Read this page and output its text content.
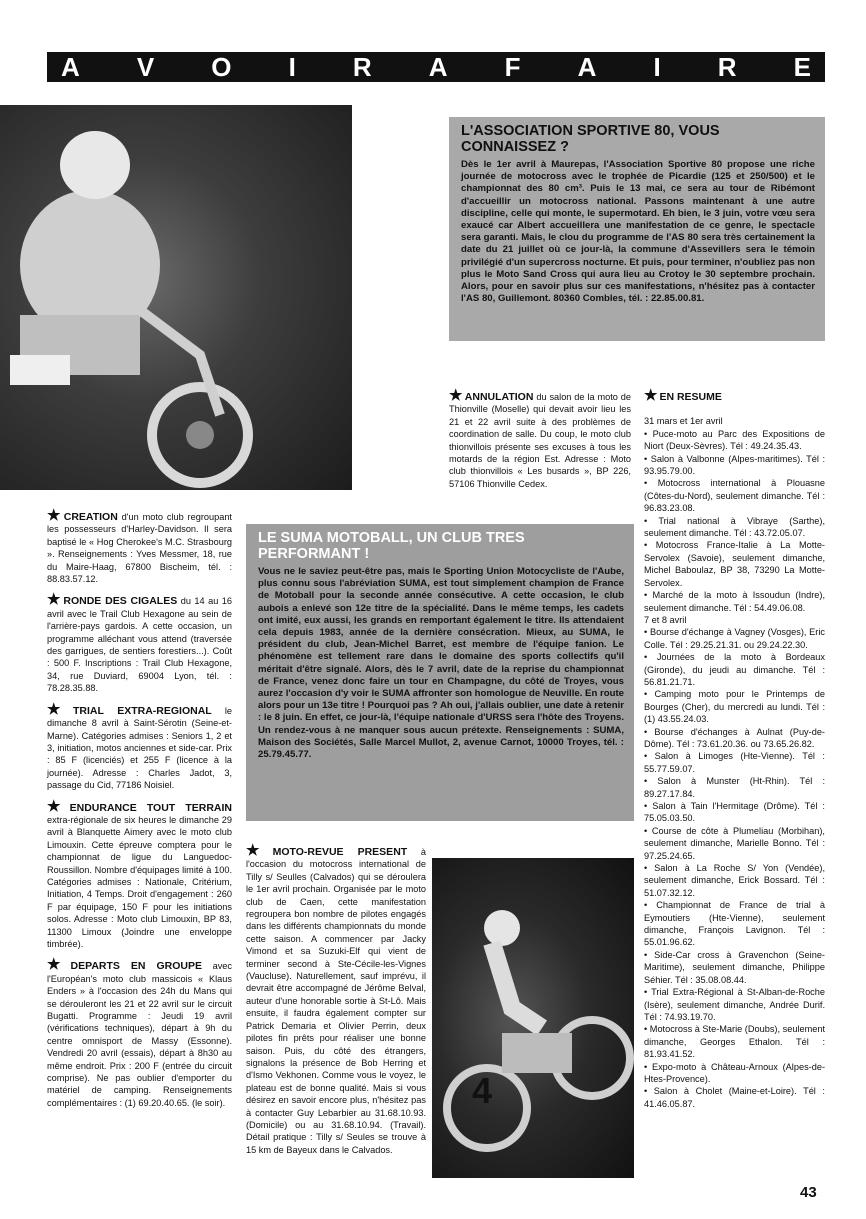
A V O I R A F A I R E
L'ASSOCIATION SPORTIVE 80, VOUS CONNAISSEZ ?

Dès le 1er avril à Maurepas, l'Association Sportive 80 propose une riche journée de motocross avec le trophée de Picardie (125 et 250/500) et le championnat des 80 cm³. Puis le 13 mai, ce sera au tour de Ribémont d'accueillir un motocross national. Passons maintenant à une autre discipline, celle qui monte, le supermotard. Eh bien, le 3 juin, votre vœu sera exaucé car Albert accueillera une manifestation de ce genre, le spectacle sera garanti. Mais, le clou du programme de l'AS 80 sera très certainement la date du 21 juillet où ce jour-là, la commune d'Assevillers sera le témoin privilégié d'un supercross nocturne. Et puis, pour terminer, n'oubliez pas non plus le Moto Sand Cross qui aura lieu au Crotoy le 30 septembre prochain. Alors, pour en savoir plus sur ces manifestations, n'hésitez pas à contacter l'AS 80, Guillemont. 80360 Combles, tél. : 22.85.00.81.

★ CREATION d'un moto club regroupant les possesseurs d'Harley-Davidson. Il sera baptisé le « Hog Cherokee's M.C. Strasbourg ». Renseignements : Yves Messmer, 18, rue du Maire-Haag, 67800 Bischeim, tél. : 88.83.57.12.

★ RONDE DES CIGALES du 14 au 16 avril avec le Trail Club Hexagone au sein de l'arrière-pays gardois. A cette occasion, un programme alléchant vous attend (traversée des garrigues, de sentiers forestiers...). Coût : 500 F. Inscriptions : Trail Club Hexagone, 34, rue Duviard, 69004 Lyon, tél. : 78.28.35.88.

★ TRIAL EXTRA-REGIONAL le dimanche 8 avril à Saint-Sérotin (Seine-et-Marne). Catégories admises : Seniors 1, 2 et 3, initiation, motos anciennes et side-car. Prix : 85 F (licenciés) et 255 F (licence à la journée). Adresse : Charles Jadot, 3, passage du Cid, 77186 Noisiel.

★ ENDURANCE TOUT TERRAIN extra-régionale de six heures le dimanche 29 avril à Blanquette Aimery avec le moto club Limouxin. Cette épreuve comptera pour le championnat de ligue du Languedoc-Roussillon. Nombre d'équipages limité à 100. Catégories admises : Nationale, Critérium, Initiation, 4 Temps. Droit d'engagement : 260 F par équipage, 150 F pour les initiations solos. Adresse : Moto club Limouxin, BP 83, 11300 Limoux (Joindre une enveloppe timbrée).

★ DEPARTS EN GROUPE avec l'Européan's moto club massicois « Klaus Enders » à l'occasion des 24h du Mans qui se dérouleront les 21 et 22 avril sur le circuit Bugatti. Programme : Jeudi 19 avril (vérifications techniques), départ à 9h du centre omnisport de Massy (Essonne). Vendredi 20 avril (essais), départ à 8h30 au même endroit. Prix : 200 F (entrée du circuit comprise). Ne pas oublier d'emporter du matériel de camping. Renseignements complémentaires : (1) 69.20.40.65. (le soir).

★ ANNULATION du salon de la moto de Thionville (Moselle) qui devait avoir lieu les 21 et 22 avril suite à des problèmes de coordination de salle. Du coup, le moto club thionvillois présente ses excuses à tous les motards de la région Est. Adresse : Moto club thionvillois « Les busards », BP 226, 57106 Thionville Cedex.

LE SUMA MOTOBALL, UN CLUB TRES PERFORMANT !

Vous ne le saviez peut-être pas, mais le Sporting Union Motocycliste de l'Aube, plus connu sous l'abréviation SUMA, est tout simplement champion de France de Motoball pour la seconde année consécutive. A cette occasion, le club aubois a enlevé son 12e titre de la spécialité. Dans le même temps, les cadets ont imité, eux aussi, les grands en remportant également le titre. Ils attendaient cela depuis 1983, année de la dernière consécration. Mieux, au SUMA, le président du club, Jean-Michel Barret, est membre de l'équipe fanion. Le phénomène est tellement rare dans le domaine des sports collectifs qu'il méritait d'être signalé. Alors, dès le 7 avril, date de la reprise du championnat de France, venez donc faire un tour en Champagne, du côté de Troyes, vous aurez l'occasion d'y voir le SUMA affronter son homologue de Neuville. En route alors pour un 13e titre ! Pourquoi pas ? Ah oui, j'allais oublier, une date à retenir : le 8 juin. En effet, ce jour-là, l'équipe nationale d'URSS sera l'hôte des Troyens. Un rendez-vous à ne manquer sous aucun prétexte. Renseignements : SUMA, Maison des Sociétés, Salle Marcel Mullot, 2, avenue Carnot, 10000 Troyes, tél. : 25.79.45.77.

★ MOTO-REVUE PRESENT à l'occasion du motocross international de Tilly s/ Seulles (Calvados) qui se déroulera le 1er avril prochain. Organisée par le moto club de Caen, cette manifestation regroupera bon nombre de pilotes engagés dans les différents championnats du monde cette saison. A commencer par Jacky Vimond et sa Suzuki-Elf qui vient de terminer second à Ste-Cécile-les-Vignes (Vaucluse). Naturellement, sauf imprévu, il devrait être accompagné de Jérôme Belval, auteur d'une honorable sortie à St-Lô. Mais ensuite, il faudra également compter sur Patrick Demaria et Olivier Perrin, deux pilotes fin prêts pour réaliser une bonne saison. Puis, du côté des étrangers, signalons la présence de Bob Herring et d'Ismo Vekhonen. Comme vous le voyez, le plateau est de bonne qualité. Mais si vous désirez en savoir encore plus, n'hésitez pas à contacter Guy Lebarbier au 31.68.10.93. (Domicile) ou au 31.68.10.94. (Travail). Détail pratique : Tilly s/ Seules se trouve à 15 km de Bayeux dans le Calvados.

4

★ EN RESUME

31 mars et 1er avril
• Puce-moto au Parc des Expositions de Niort (Deux-Sèvres). Tél : 49.24.35.43.
• Salon à Valbonne (Alpes-maritimes). Tél : 93.95.79.00.
• Motocross international à Plouasne (Côtes-du-Nord), seulement dimanche. Tél : 96.83.23.08.
• Trial national à Vibraye (Sarthe), seulement dimanche. Tél : 43.72.05.07.
• Motocross France-Italie à La Motte-Servolex (Savoie), seulement dimanche, Michel Baboulaz, BP 38, 73290 La Motte-Servolex.
• Marché de la moto à Issoudun (Indre), seulement dimanche. Tél : 54.49.06.08.
7 et 8 avril
• Bourse d'échange à Vagney (Vosges), Eric Colle. Tél : 29.25.21.31. ou 29.24.22.30.
• Journées de la moto à Bordeaux (Gironde), du jeudi au dimanche. Tél : 56.81.21.71.
• Camping moto pour le Printemps de Bourges (Cher), du mercredi au lundi. Tél : (1) 43.55.24.03.
• Bourse d'échanges à Aulnat (Puy-de-Dôme). Tél : 73.61.20.36. ou 73.65.26.82.
• Salon à Limoges (Hte-Vienne). Tél : 55.77.59.07.
• Salon à Munster (Ht-Rhin). Tél : 89.27.17.84.
• Salon à Tain l'Hermitage (Drôme). Tél : 75.05.03.50.
• Course de côte à Plumeliau (Morbihan), seulement dimanche, Marielle Bonno. Tél : 97.25.24.65.
• Salon à La Roche S/ Yon (Vendée), seulement dimanche, Erick Bossard. Tél : 51.07.32.12.
• Championnat de France de trial à Eymoutiers (Hte-Vienne), seulement dimanche, François Lavignon. Tél : 55.01.96.62.
• Side-Car cross à Gravenchon (Seine-Maritime), seulement dimanche, Philippe Séhier. Tél : 35.08.08.44.
• Trial Extra-Régional à St-Alban-de-Roche (Isère), seulement dimanche, Andrée Durif. Tél : 74.93.19.70.
• Motocross à Ste-Marie (Doubs), seulement dimanche, Georges Ethalon. Tél : 81.93.41.52.
• Expo-moto à Château-Arnoux (Alpes-de-Htes-Provence).
• Salon à Cholet (Maine-et-Loire). Tél : 41.46.05.87.
43
